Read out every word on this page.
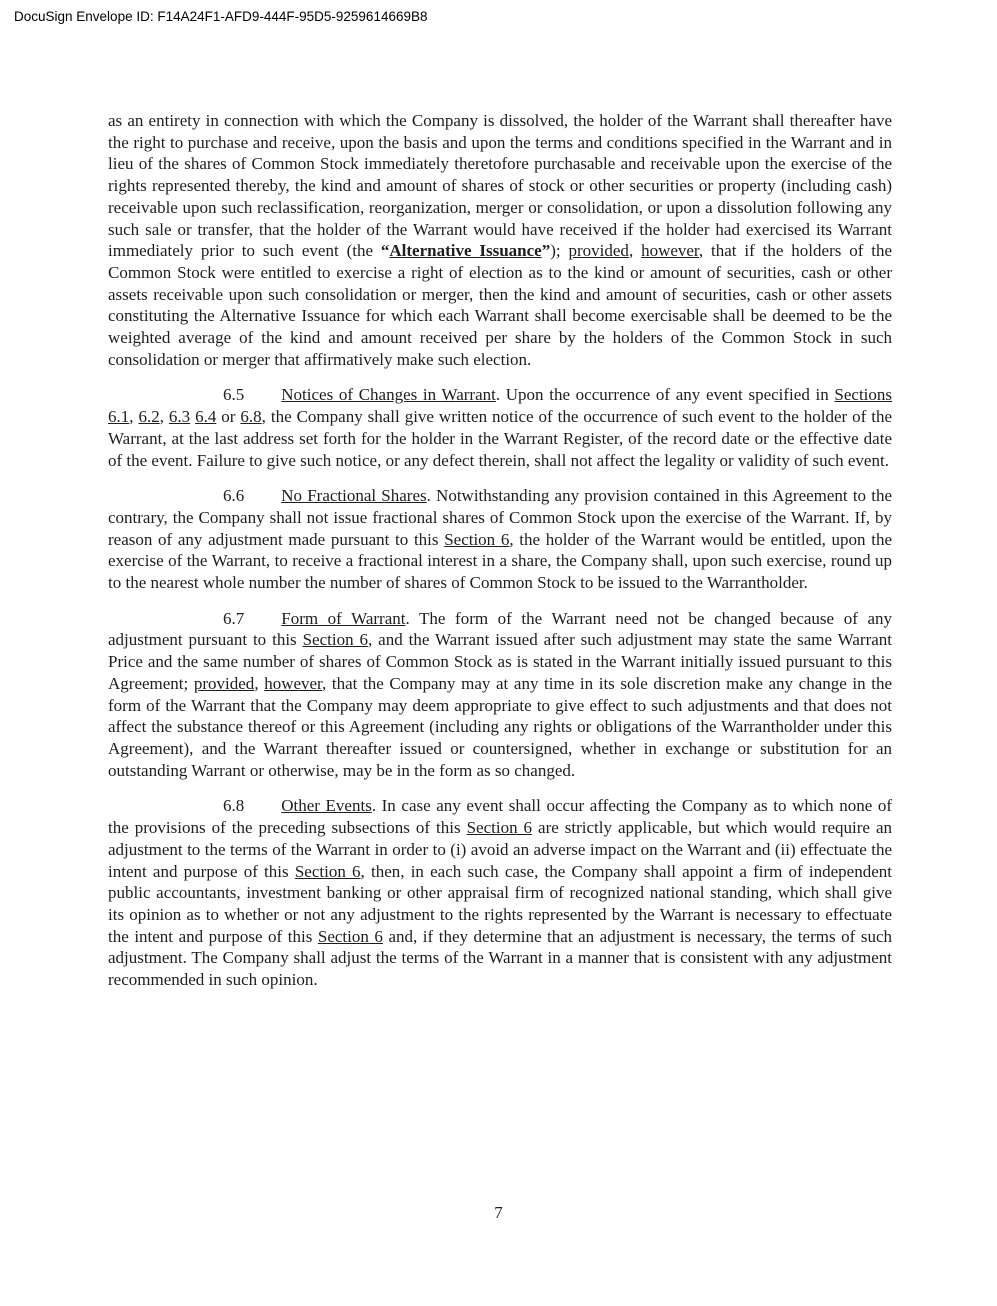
DocuSign Envelope ID: F14A24F1-AFD9-444F-95D5-9259614669B8

as an entirety in connection with which the Company is dissolved, the holder of the Warrant shall thereafter have the right to purchase and receive, upon the basis and upon the terms and conditions specified in the Warrant and in lieu of the shares of Common Stock immediately theretofore purchasable and receivable upon the exercise of the rights represented thereby, the kind and amount of shares of stock or other securities or property (including cash) receivable upon such reclassification, reorganization, merger or consolidation, or upon a dissolution following any such sale or transfer, that the holder of the Warrant would have received if the holder had exercised its Warrant immediately prior to such event (the “Alternative Issuance”); provided, however, that if the holders of the Common Stock were entitled to exercise a right of election as to the kind or amount of securities, cash or other assets receivable upon such consolidation or merger, then the kind and amount of securities, cash or other assets constituting the Alternative Issuance for which each Warrant shall become exercisable shall be deemed to be the weighted average of the kind and amount received per share by the holders of the Common Stock in such consolidation or merger that affirmatively make such election.

6.5 Notices of Changes in Warrant. Upon the occurrence of any event specified in Sections 6.1, 6.2, 6.3 6.4 or 6.8, the Company shall give written notice of the occurrence of such event to the holder of the Warrant, at the last address set forth for the holder in the Warrant Register, of the record date or the effective date of the event. Failure to give such notice, or any defect therein, shall not affect the legality or validity of such event.

6.6 No Fractional Shares. Notwithstanding any provision contained in this Agreement to the contrary, the Company shall not issue fractional shares of Common Stock upon the exercise of the Warrant. If, by reason of any adjustment made pursuant to this Section 6, the holder of the Warrant would be entitled, upon the exercise of the Warrant, to receive a fractional interest in a share, the Company shall, upon such exercise, round up to the nearest whole number the number of shares of Common Stock to be issued to the Warrantholder.

6.7 Form of Warrant. The form of the Warrant need not be changed because of any adjustment pursuant to this Section 6, and the Warrant issued after such adjustment may state the same Warrant Price and the same number of shares of Common Stock as is stated in the Warrant initially issued pursuant to this Agreement; provided, however, that the Company may at any time in its sole discretion make any change in the form of the Warrant that the Company may deem appropriate to give effect to such adjustments and that does not affect the substance thereof or this Agreement (including any rights or obligations of the Warrantholder under this Agreement), and the Warrant thereafter issued or countersigned, whether in exchange or substitution for an outstanding Warrant or otherwise, may be in the form as so changed.

6.8 Other Events. In case any event shall occur affecting the Company as to which none of the provisions of the preceding subsections of this Section 6 are strictly applicable, but which would require an adjustment to the terms of the Warrant in order to (i) avoid an adverse impact on the Warrant and (ii) effectuate the intent and purpose of this Section 6, then, in each such case, the Company shall appoint a firm of independent public accountants, investment banking or other appraisal firm of recognized national standing, which shall give its opinion as to whether or not any adjustment to the rights represented by the Warrant is necessary to effectuate the intent and purpose of this Section 6 and, if they determine that an adjustment is necessary, the terms of such adjustment. The Company shall adjust the terms of the Warrant in a manner that is consistent with any adjustment recommended in such opinion.

7
